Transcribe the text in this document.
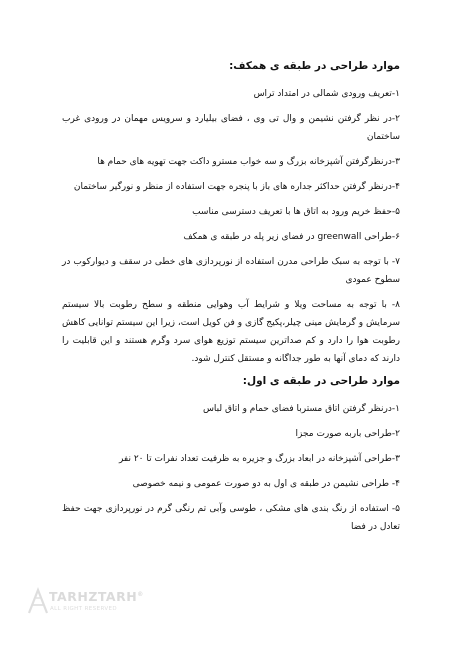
موارد طراحی در طبقه ی همکف:
۱-تعریف ورودی شمالی در امتداد تراس
۲-در نظر گرفتن نشیمن و وال تی وی ، فضای بیلیارد و سرویس مهمان در ورودی غرب ساختمان
۳-درنظرگرفتن آشپزخانه بزرگ و سه خواب مسترو داکت جهت تهویه های حمام ها
۴-درنظر گرفتن حداکثر جداره های باز با پنجره جهت استفاده از منظر و نورگیر ساختمان
۵-حفظ خریم ورود به اتاق ها با تعریف دسترسی مناسب
۶-طراحی greenwall در فضای زیر پله در طبقه ی همکف
۷- با توجه به سبک طراحی مدرن استفاده از نورپردازی های خطی در سقف و دیوارکوب در سطوح عمودی
۸- با توجه به مساحت ویلا و شرایط آب وهوایی منطقه و سطح رطوبت بالا سیستم سرمایش و گرمایش مینی چیلر،پکیج گازی و فن کویل است، زیرا این سیستم توانایی کاهش رطوبت هوا را دارد و کم صداترین سیستم توزیع هوای سرد وگرم هستند و این قابلیت را دارند که دمای آنها به طور جداگانه و مستقل کنترل شود.
موارد طراحی در طبقه ی اول:
۱-درنظر گرفتن اتاق مستربا فضای حمام و اتاق لباس
۲-طراحی باربه صورت مجزا
۳-طراحی آشپزخانه در ابعاد بزرگ و جزیره به ظرفیت تعداد نفرات تا ۲۰ نفر
۴- طراحی نشیمن در طبقه ی اول به دو صورت عمومی و نیمه خصوصی
۵- استفاده از رنگ بندی های مشکی ، طوسی وآبی تم رنگی گرم در نورپردازی جهت حفظ تعادل در فضا
TARHZTARH®
ALL RIGHT RESERVED
